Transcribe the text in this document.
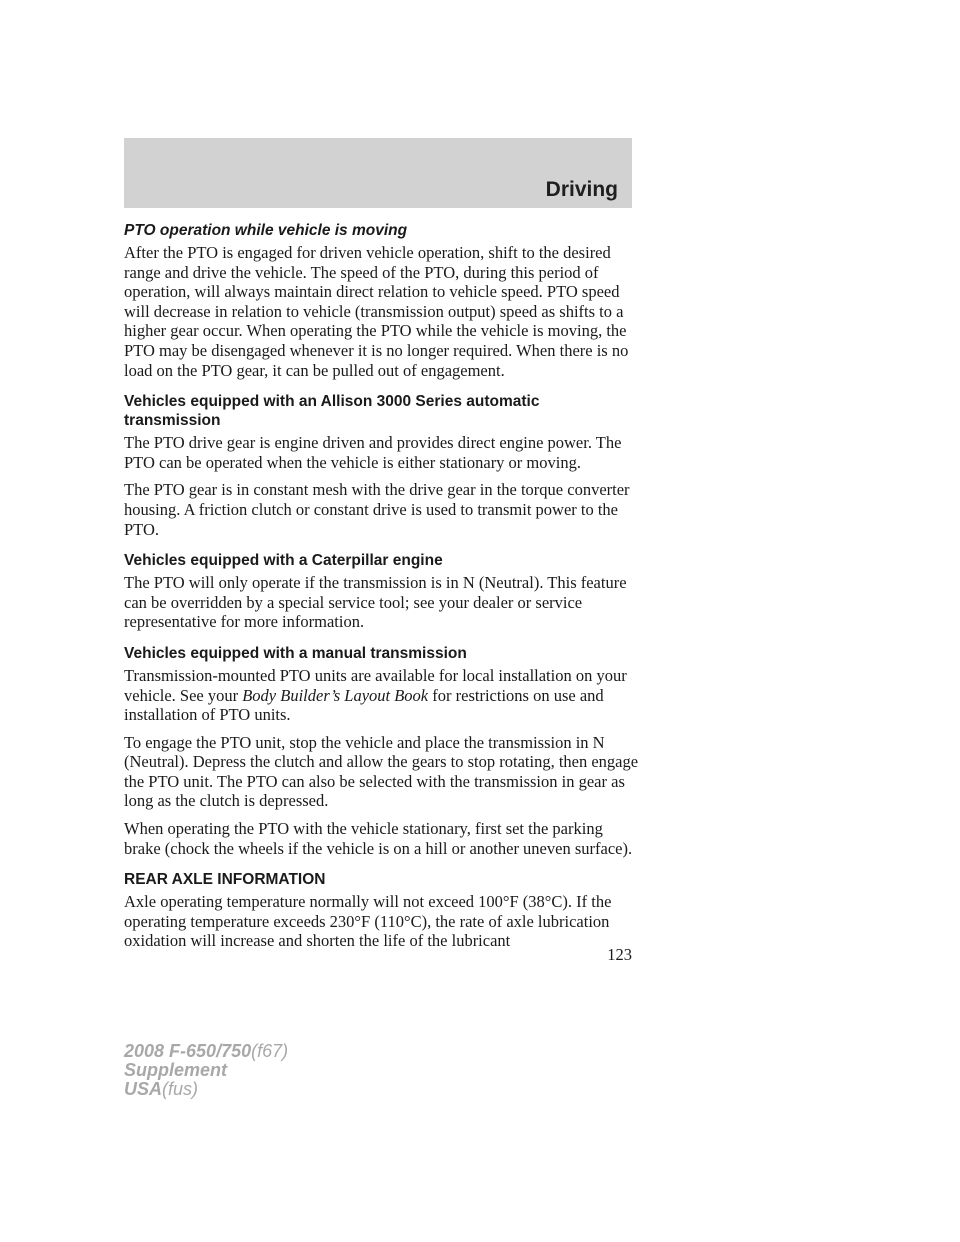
Driving
PTO operation while vehicle is moving

After the PTO is engaged for driven vehicle operation, shift to the desired range and drive the vehicle. The speed of the PTO, during this period of operation, will always maintain direct relation to vehicle speed. PTO speed will decrease in relation to vehicle (transmission output) speed as shifts to a higher gear occur. When operating the PTO while the vehicle is moving, the PTO may be disengaged whenever it is no longer required. When there is no load on the PTO gear, it can be pulled out of engagement.

Vehicles equipped with an Allison 3000 Series automatic transmission

The PTO drive gear is engine driven and provides direct engine power. The PTO can be operated when the vehicle is either stationary or moving.

The PTO gear is in constant mesh with the drive gear in the torque converter housing. A friction clutch or constant drive is used to transmit power to the PTO.

Vehicles equipped with a Caterpillar engine

The PTO will only operate if the transmission is in N (Neutral). This feature can be overridden by a special service tool; see your dealer or service representative for more information.

Vehicles equipped with a manual transmission

Transmission-mounted PTO units are available for local installation on your vehicle. See your Body Builder’s Layout Book for restrictions on use and installation of PTO units.

To engage the PTO unit, stop the vehicle and place the transmission in N (Neutral). Depress the clutch and allow the gears to stop rotating, then engage the PTO unit. The PTO can also be selected with the transmission in gear as long as the clutch is depressed.

When operating the PTO with the vehicle stationary, first set the parking brake (chock the wheels if the vehicle is on a hill or another uneven surface).

REAR AXLE INFORMATION

Axle operating temperature normally will not exceed 100°F (38°C). If the operating temperature exceeds 230°F (110°C), the rate of axle lubrication oxidation will increase and shorten the life of the lubricant

123
2008 F-650/750(f67)
Supplement
USA(fus)
